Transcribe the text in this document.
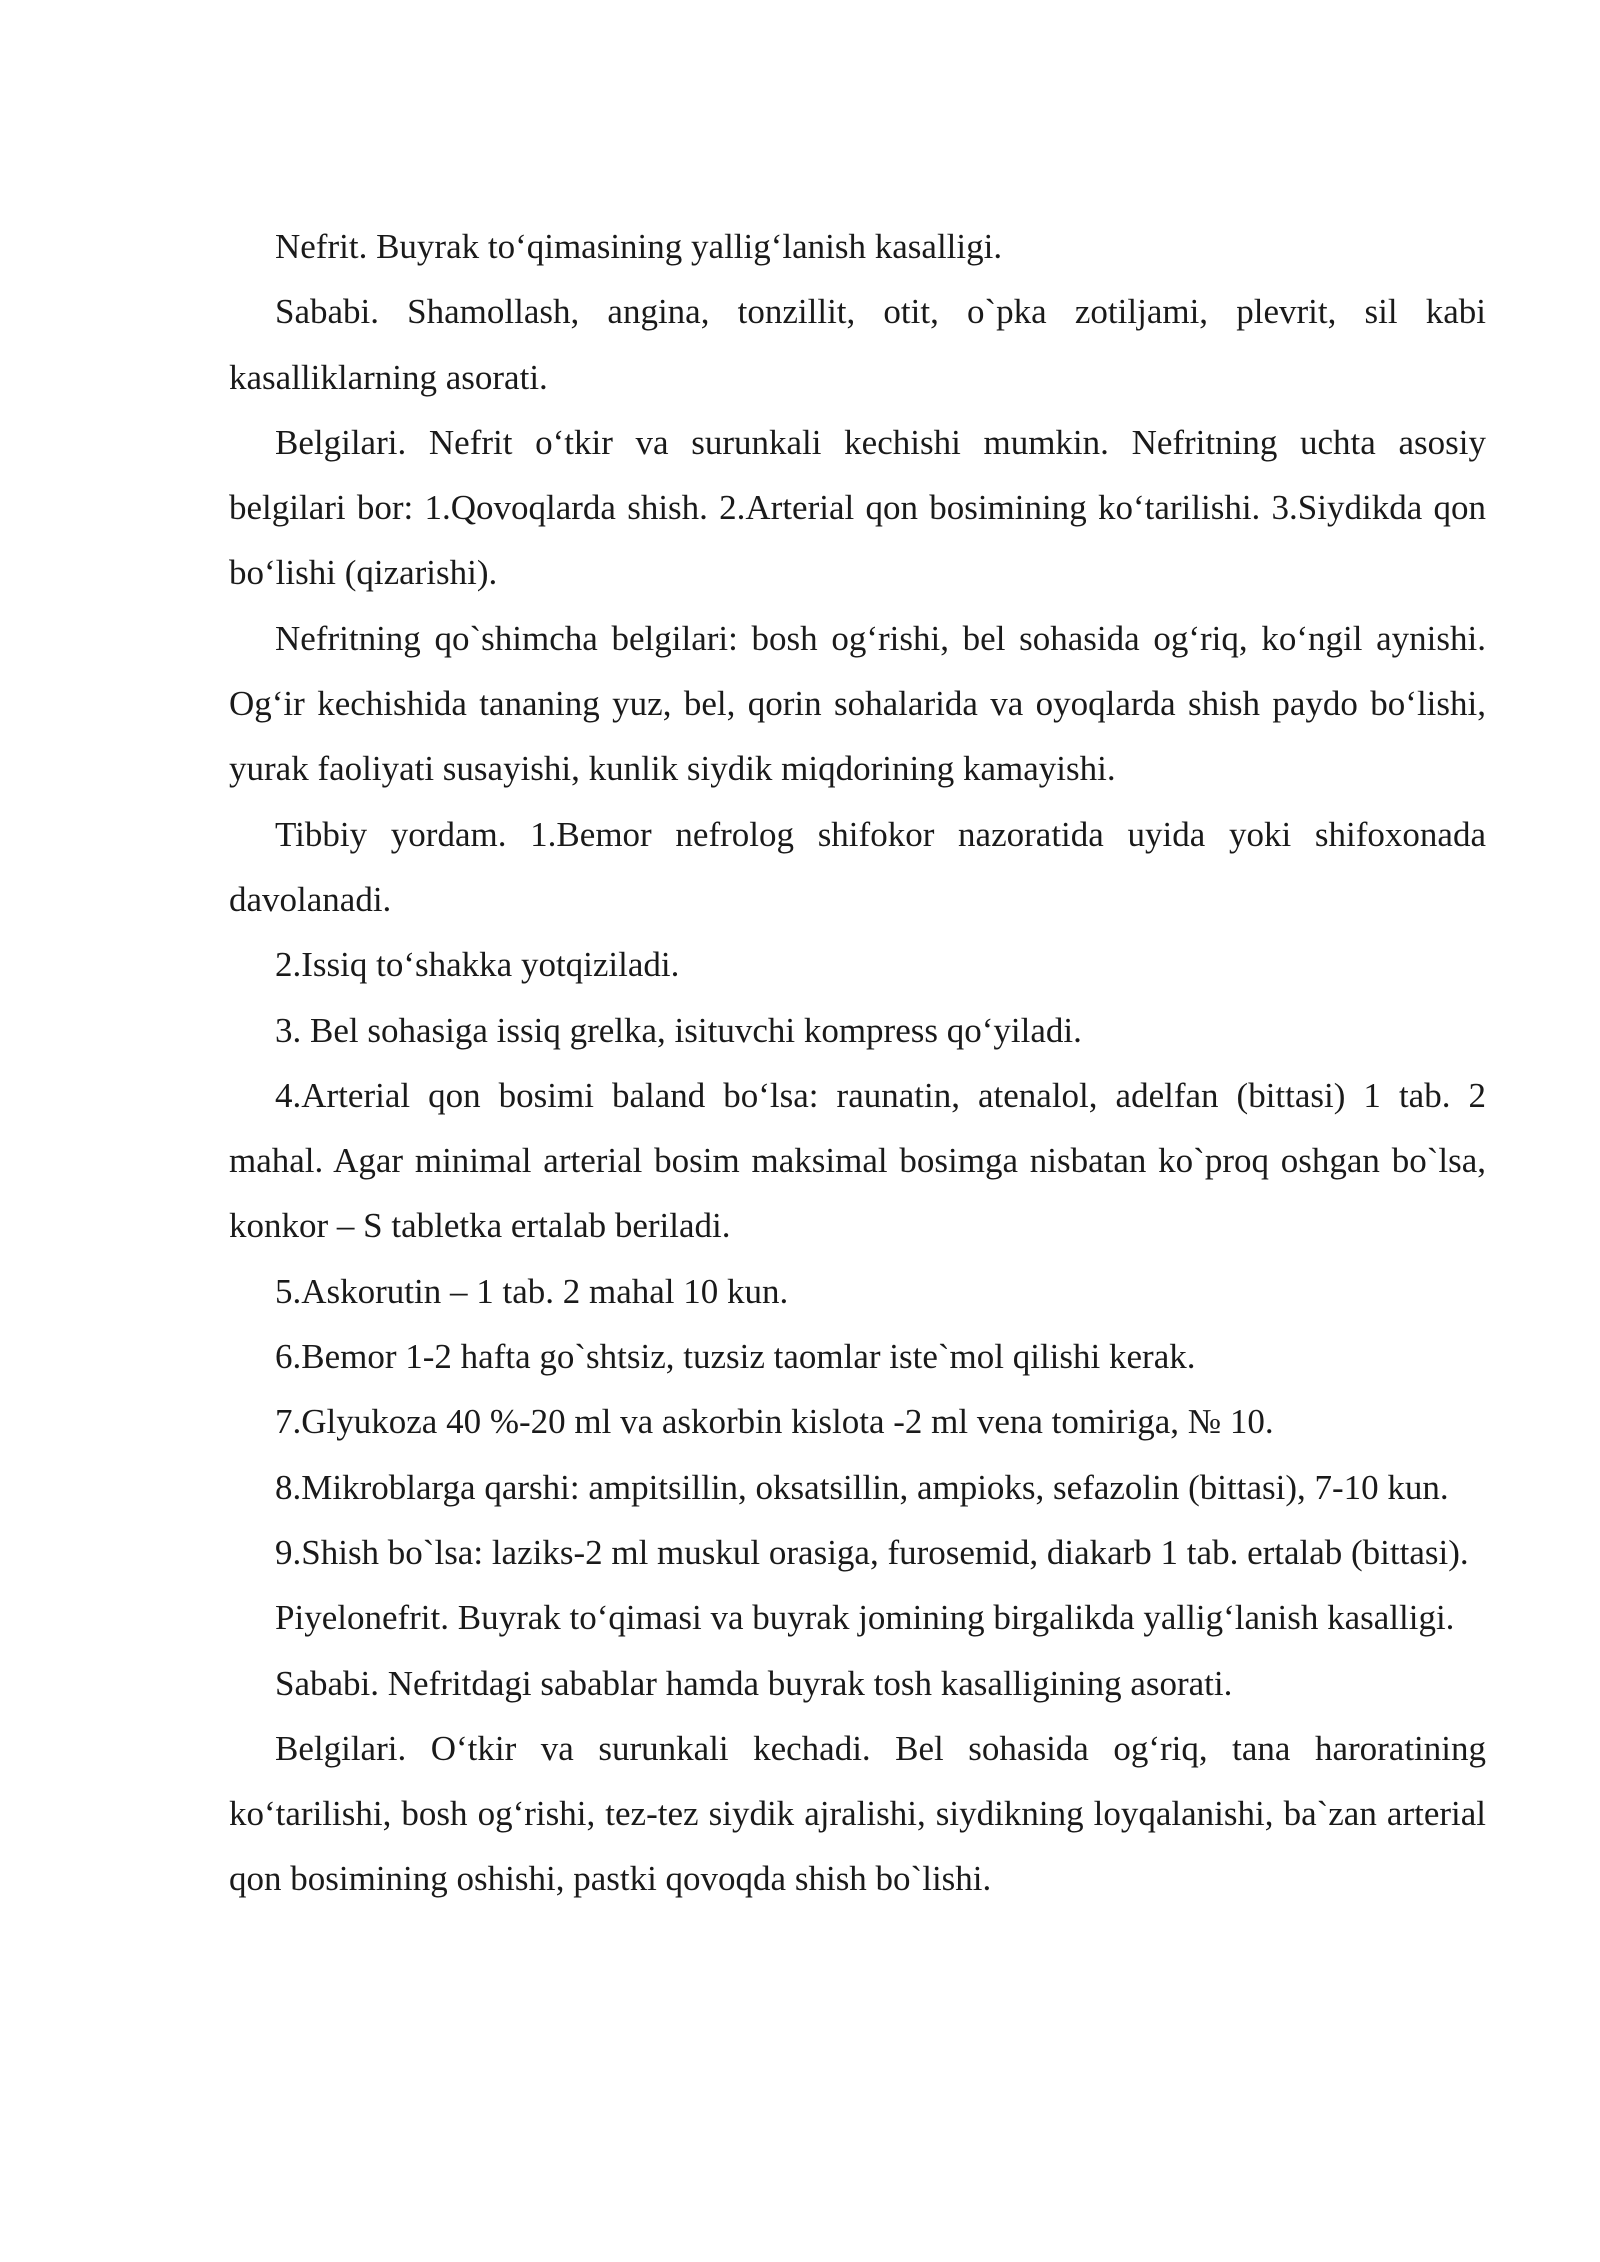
Nefrit. Buyrak to‘qimasining yallig‘lanish kasalligi.

Sababi. Shamollash, angina, tonzillit, otit, o`pka zotiljami, plevrit, sil kabi kasalliklarning asorati.

Belgilari. Nefrit o‘tkir va surunkali kechishi mumkin. Nefritning uchta asosiy belgilari bor: 1.Qovoqlarda shish. 2.Arterial qon bosimining ko‘tarilishi. 3.Siydikda qon bo‘lishi (qizarishi).

Nefritning qo`shimcha belgilari: bosh og‘rishi, bel sohasida og‘riq, ko‘ngil aynishi. Og‘ir kechishida tananing yuz, bel, qorin sohalarida va oyoqlarda shish paydo bo‘lishi, yurak faoliyati susayishi, kunlik siydik miqdorining kamayishi.

Tibbiy yordam. 1.Bemor nefrolog shifokor nazoratida uyida yoki shifoxonada davolanadi.

2.Issiq to‘shakka yotqiziladi.

3. Bel sohasiga issiq grelka, isituvchi kompress qo‘yiladi.

4.Arterial qon bosimi baland bo‘lsa: raunatin, atenalol, adelfan (bittasi) 1 tab. 2 mahal. Agar minimal arterial bosim maksimal bosimga nisbatan ko`proq oshgan bo`lsa, konkor – S tabletka ertalab beriladi.

5.Askorutin – 1 tab. 2 mahal 10 kun.

6.Bemor 1-2 hafta go`shtsiz, tuzsiz taomlar iste`mol qilishi kerak.

7.Glyukoza 40 %-20 ml va askorbin kislota -2 ml vena tomiriga, № 10.

8.Mikroblarga qarshi: ampitsillin, oksatsillin, ampioks, sefazolin (bittasi), 7-10 kun.

9.Shish bo`lsa: laziks-2 ml muskul orasiga, furosemid, diakarb 1 tab. ertalab (bittasi).

Piyelonefrit. Buyrak to‘qimasi va buyrak jomining birgalikda yallig‘lanish kasalligi.

Sababi. Nefritdagi sabablar hamda buyrak tosh kasalligining asorati.

Belgilari. O‘tkir va surunkali kechadi. Bel sohasida og‘riq, tana haroratining ko‘tarilishi, bosh og‘rishi, tez-tez siydik ajralishi, siydikning loyqalanishi, ba`zan arterial qon bosimining oshishi, pastki qovoqda shish bo`lishi.
